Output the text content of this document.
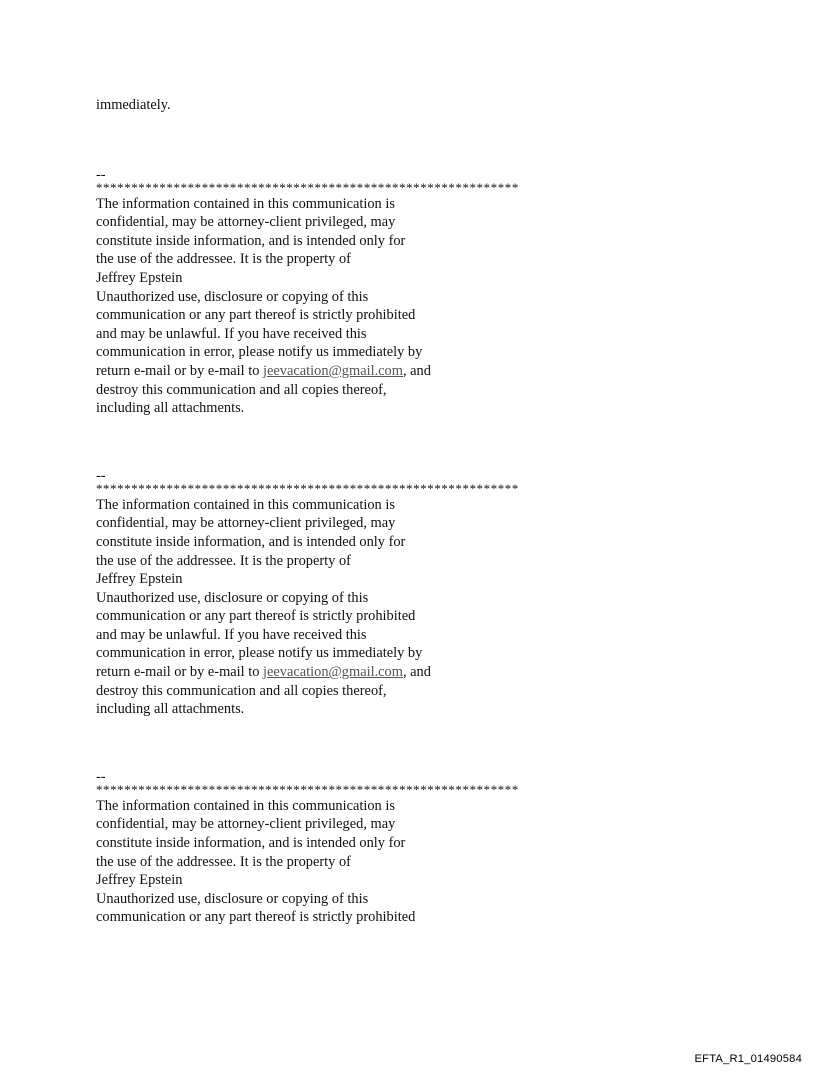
immediately.
--
************************************************************
The information contained in this communication is
confidential, may be attorney-client privileged, may
constitute inside information, and is intended only for
the use of the addressee. It is the property of
Jeffrey Epstein
Unauthorized use, disclosure or copying of this
communication or any part thereof is strictly prohibited
and may be unlawful. If you have received this
communication in error, please notify us immediately by
return e-mail or by e-mail to jeevacation@gmail.com, and
destroy this communication and all copies thereof,
including all attachments.
--
************************************************************
The information contained in this communication is
confidential, may be attorney-client privileged, may
constitute inside information, and is intended only for
the use of the addressee. It is the property of
Jeffrey Epstein
Unauthorized use, disclosure or copying of this
communication or any part thereof is strictly prohibited
and may be unlawful. If you have received this
communication in error, please notify us immediately by
return e-mail or by e-mail to jeevacation@gmail.com, and
destroy this communication and all copies thereof,
including all attachments.
--
************************************************************
The information contained in this communication is
confidential, may be attorney-client privileged, may
constitute inside information, and is intended only for
the use of the addressee. It is the property of
Jeffrey Epstein
Unauthorized use, disclosure or copying of this
communication or any part thereof is strictly prohibited
EFTA_R1_01490584
